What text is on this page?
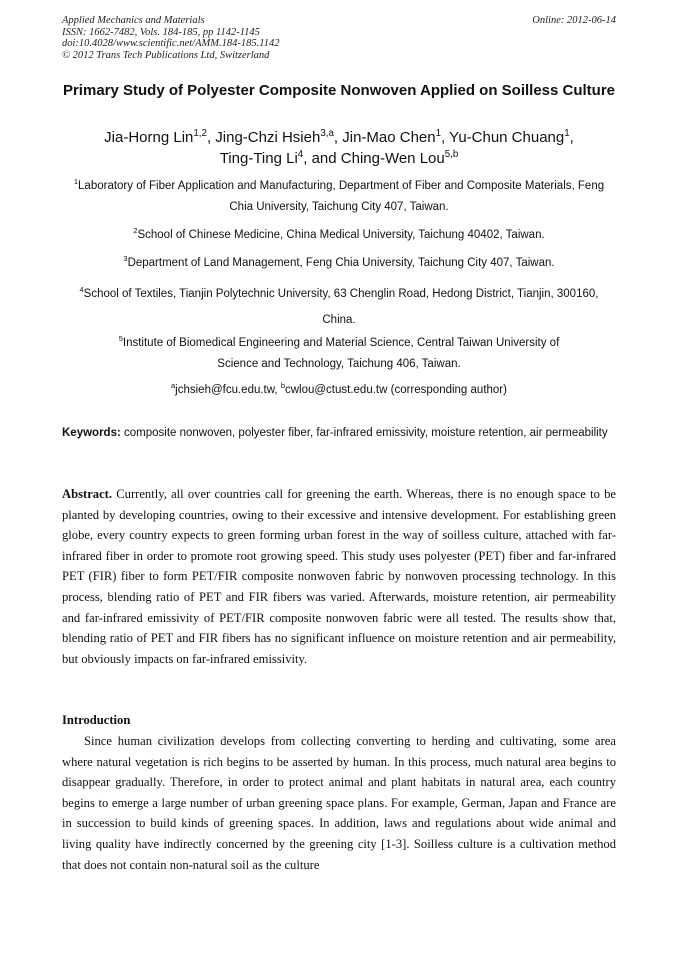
Applied Mechanics and Materials	Online: 2012-06-14
ISSN: 1662-7482, Vols. 184-185, pp 1142-1145
doi:10.4028/www.scientific.net/AMM.184-185.1142
© 2012 Trans Tech Publications Ltd, Switzerland
Primary Study of Polyester Composite Nonwoven Applied on Soilless Culture
Jia-Horng Lin$^{1,2}$, Jing-Chzi Hsieh$^{3,a}$, Jin-Mao Chen$^1$, Yu-Chun Chuang$^1$,
Ting-Ting Li$^4$, and Ching-Wen Lou$^{5,b}$
$^1$Laboratory of Fiber Application and Manufacturing, Department of Fiber and Composite Materials, Feng Chia University, Taichung City 407, Taiwan.
$^2$School of Chinese Medicine, China Medical University, Taichung 40402, Taiwan.
$^3$Department of Land Management, Feng Chia University, Taichung City 407, Taiwan.
$^4$School of Textiles, Tianjin Polytechnic University, 63 Chenglin Road, Hedong District, Tianjin, 300160, China.
$^5$Institute of Biomedical Engineering and Material Science, Central Taiwan University of Science and Technology, Taichung 406, Taiwan.
$^a$jchsieh@fcu.edu.tw, $^b$cwlou@ctust.edu.tw (corresponding author)
Keywords: composite nonwoven, polyester fiber, far-infrared emissivity, moisture retention, air permeability
Abstract. Currently, all over countries call for greening the earth. Whereas, there is no enough space to be planted by developing countries, owing to their excessive and intensive development. For establishing green globe, every country expects to green forming urban forest in the way of soilless culture, attached with far-infrared fiber in order to promote root growing speed. This study uses polyester (PET) fiber and far-infrared PET (FIR) fiber to form PET/FIR composite nonwoven fabric by nonwoven processing technology. In this process, blending ratio of PET and FIR fibers was varied. Afterwards, moisture retention, air permeability and far-infrared emissivity of PET/FIR composite nonwoven fabric were all tested. The results show that, blending ratio of PET and FIR fibers has no significant influence on moisture retention and air permeability, but obviously impacts on far-infrared emissivity.
Introduction
Since human civilization develops from collecting converting to herding and cultivating, some area where natural vegetation is rich begins to be asserted by human. In this process, much natural area begins to disappear gradually. Therefore, in order to protect animal and plant habitats in natural area, each country begins to emerge a large number of urban greening space plans. For example, German, Japan and France are in succession to build kinds of greening spaces. In addition, laws and regulations about wide animal and living quality have indirectly concerned by the greening city [1-3]. Soilless culture is a cultivation method that does not contain non-natural soil as the culture
